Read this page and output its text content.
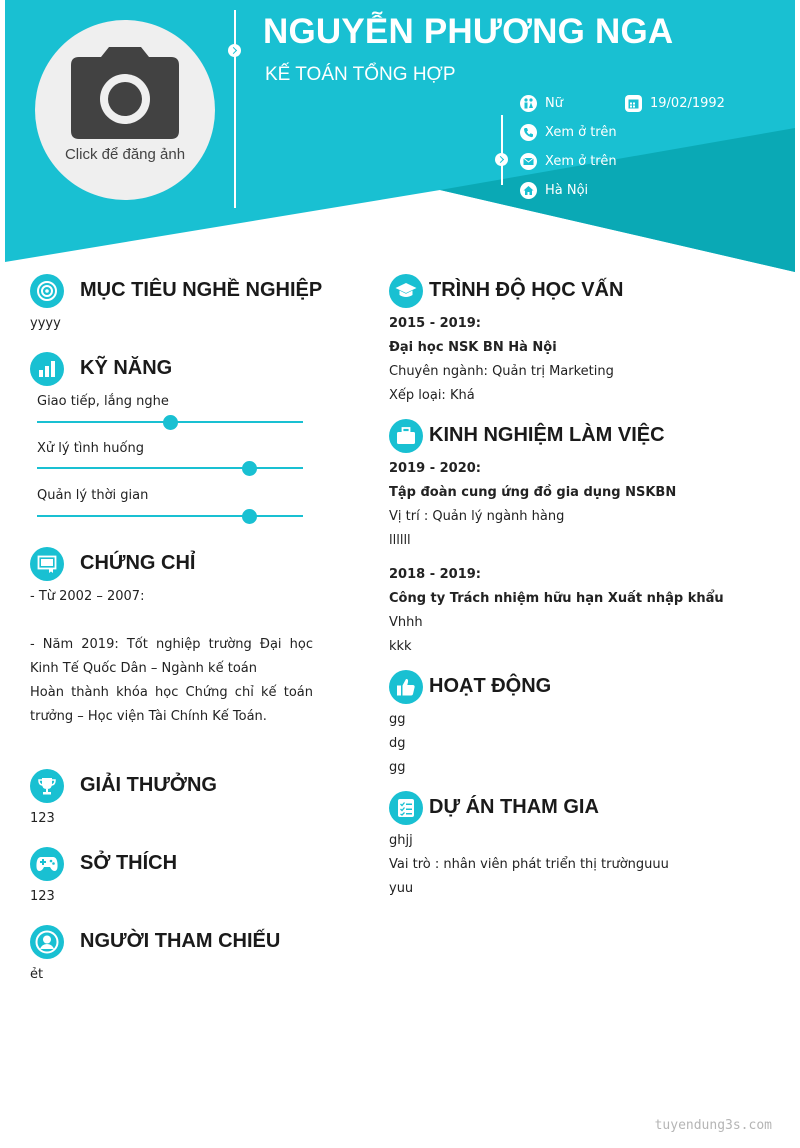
Click để đăng ảnh
NGUYỄN PHƯƠNG NGA
KẾ TOÁN TỔNG HỢP
Nữ	19/02/1992
Xem ở trên
Xem ở trên
Hà Nội
MỤC TIÊU NGHỀ NGHIỆP
yyyy
KỸ NĂNG
Giao tiếp, lắng nghe
Xử lý tình huống
Quản lý thời gian
CHỨNG CHỈ
- Từ 2002 – 2007:
- Năm 2019: Tốt nghiệp trường Đại học Kinh Tế Quốc Dân – Ngành kế toán
Hoàn thành khóa học Chứng chỉ kế toán trưởng – Học viện Tài Chính Kế Toán.
GIẢI THƯỞNG
123
SỞ THÍCH
123
NGƯỜI THAM CHIẾU
ẻt
TRÌNH ĐỘ HỌC VẤN
2015 - 2019:
Đại học NSK BN Hà Nội
Chuyên ngành: Quản trị Marketing
Xếp loại: Khá
KINH NGHIỆM LÀM VIỆC
2019 - 2020:
Tập đoàn cung ứng đồ gia dụng NSKBN
Vị trí : Quản lý ngành hàng
llllll
2018 - 2019:
Công ty Trách nhiệm hữu hạn Xuất nhập khẩu
Vhhh
kkk
HOẠT ĐỘNG
gg
dg
gg
DỰ ÁN THAM GIA
ghjj
Vai trò : nhân viên phát triển thị trườnguuu
yuu
tuyendung3s.com
